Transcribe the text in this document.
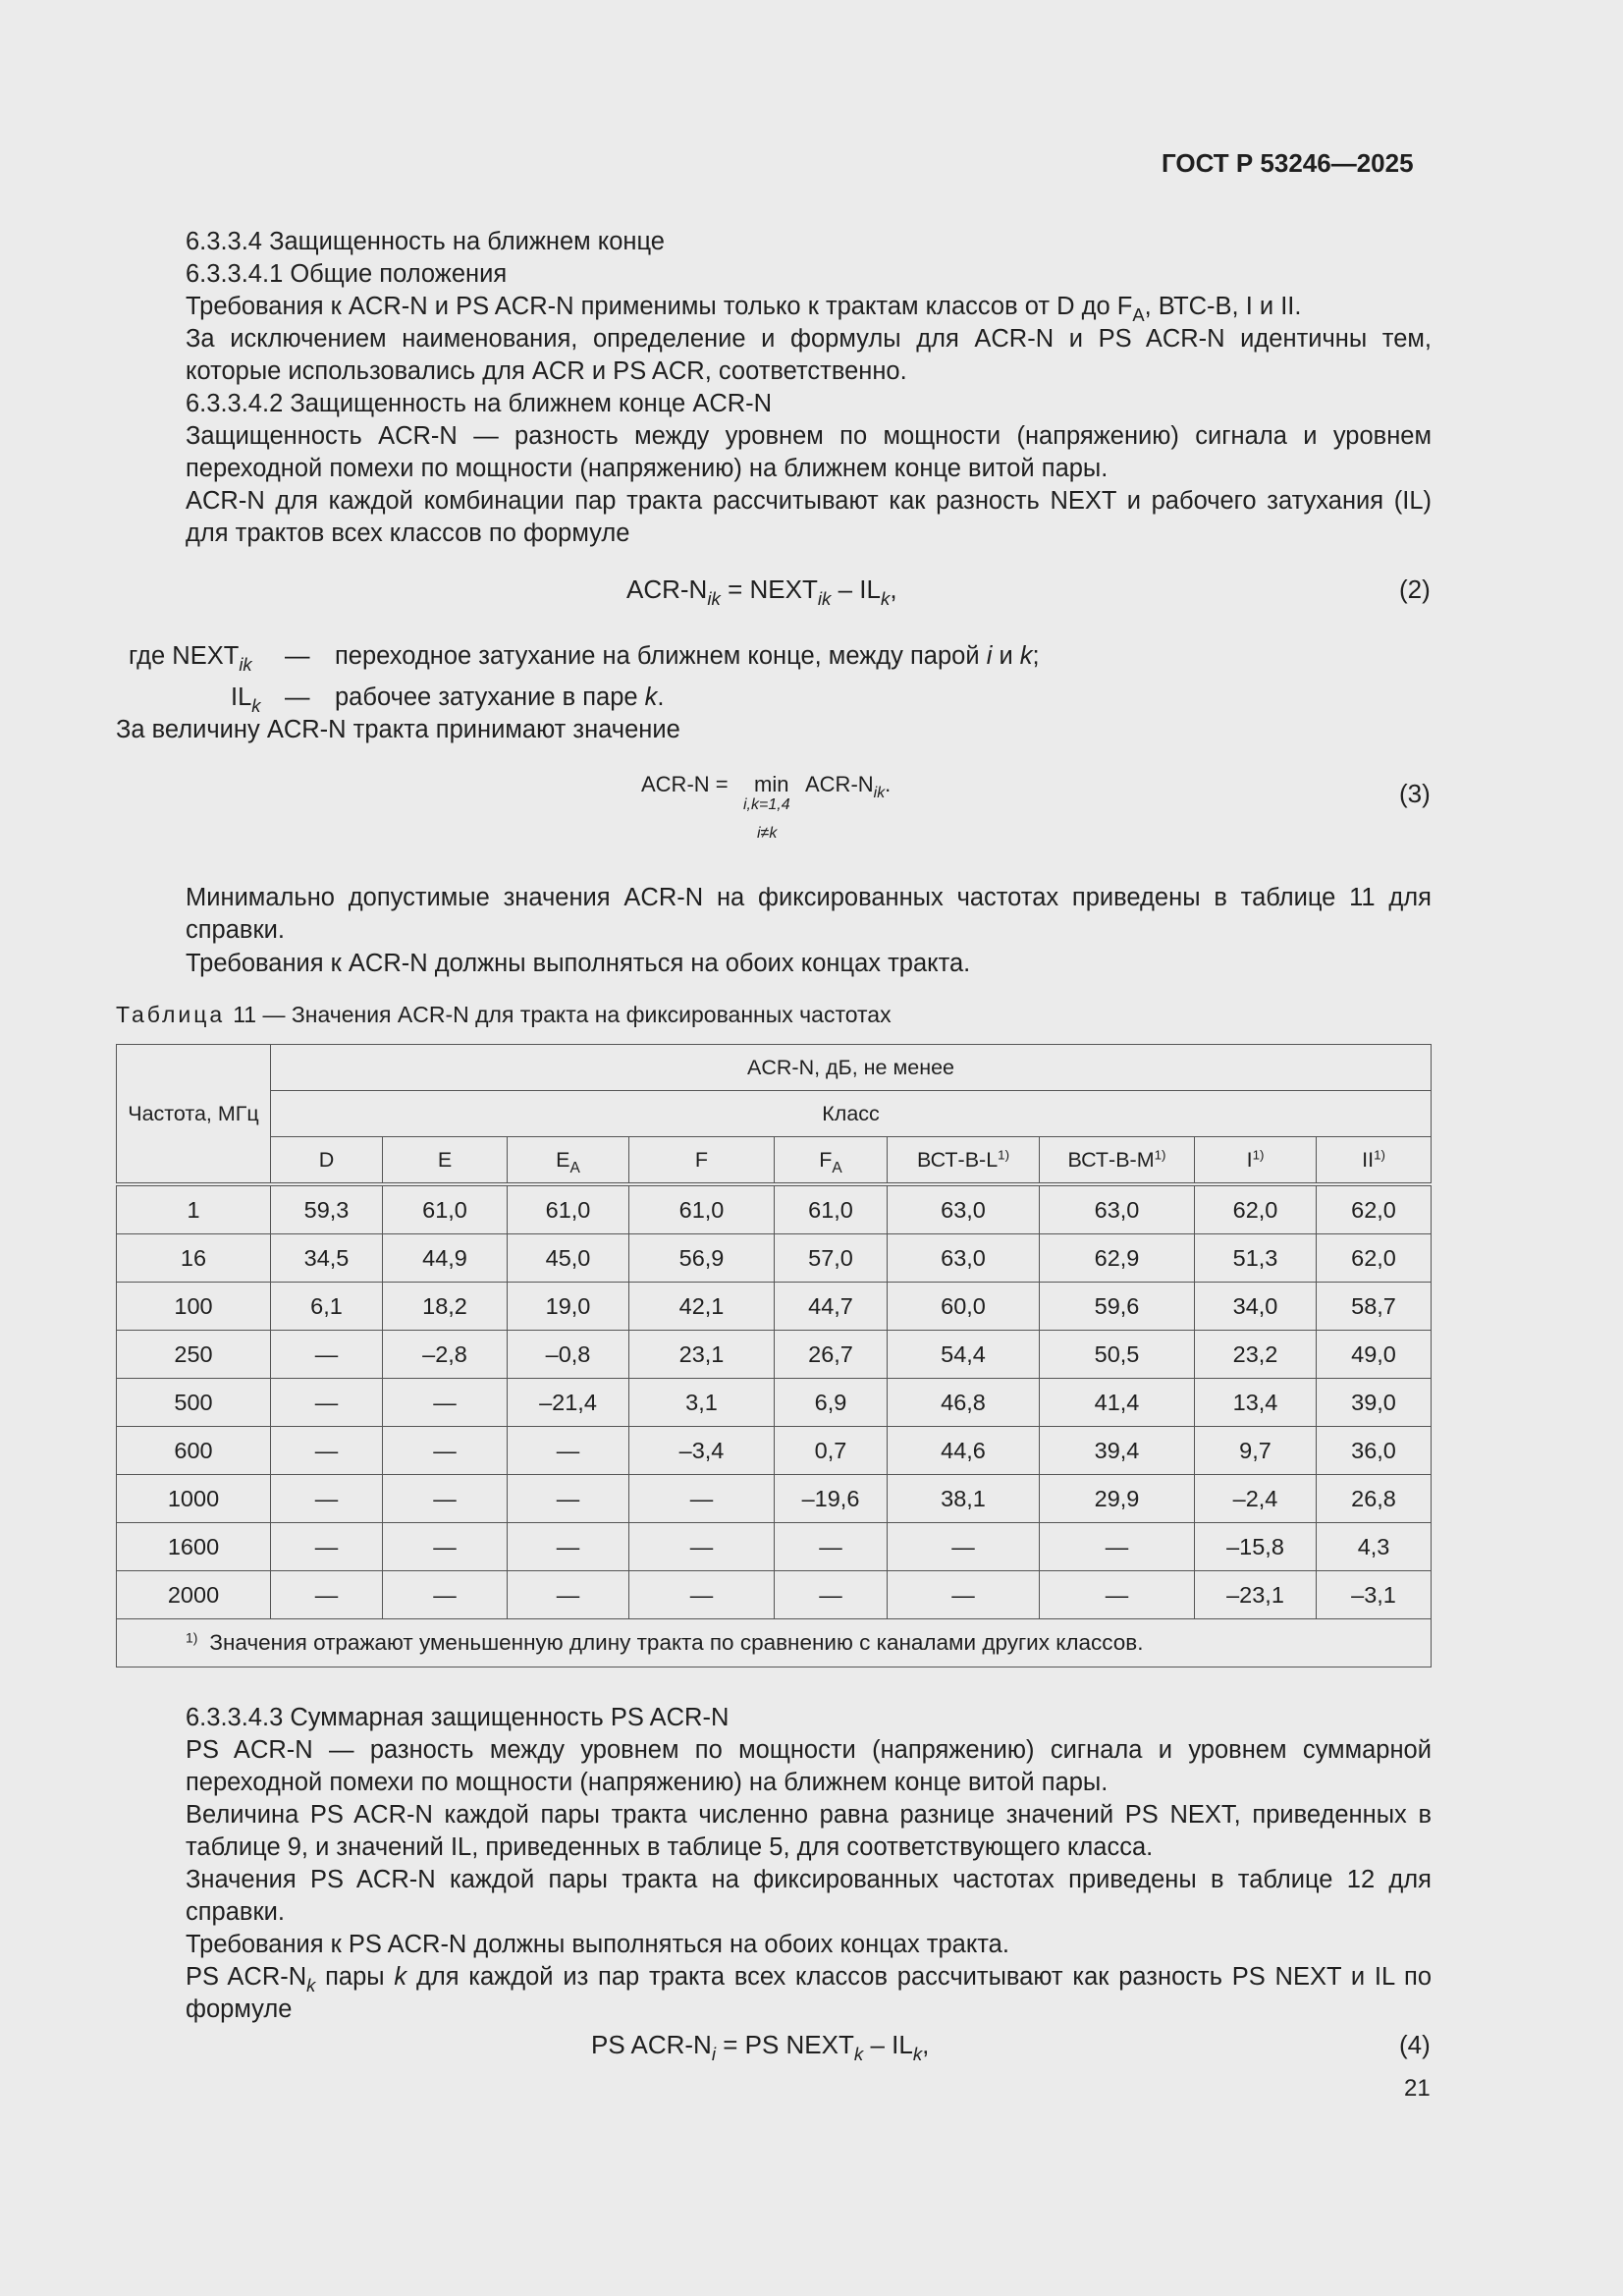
ГОСТ Р 53246—2025
6.3.3.4 Защищенность на ближнем конце
6.3.3.4.1 Общие положения
Требования к ACR-N и PS ACR-N применимы только к трактам классов от D до $F_A$, ВТС-В, I и II.
За исключением наименования, определение и формулы для ACR-N и PS ACR-N идентичны тем, которые использовались для ACR и PS ACR, соответственно.
6.3.3.4.2 Защищенность на ближнем конце ACR-N
Защищенность ACR-N — разность между уровнем по мощности (напряжению) сигнала и уровнем переходной помехи по мощности (напряжению) на ближнем конце витой пары.
ACR-N для каждой комбинации пар тракта рассчитывают как разность NEXT и рабочего затухания (IL) для трактов всех классов по формуле
ACR-$N_{ik}$ = $NEXT_{ik} - IL_k$,	(2)
где $NEXT_{ik}$ — переходное затухание на ближнем конце, между парой i и k;
$IL_k$ — рабочее затухание в паре k.
За величину ACR-N тракта принимают значение
ACR-N = min
i,k=1,4
i≠k
ACR-$N_{ik}$.	(3)
Минимально допустимые значения ACR-N на фиксированных частотах приведены в таблице 11 для справки.
Требования к ACR-N должны выполняться на обоих концах тракта.
Таблица 11 — Значения ACR-N для тракта на фиксированных частотах
Частота, МГц	ACR-N, дБ, не менее								
	Класс								
	D	E	$E_A$	F	$F_A$	ВСТ-$В-L^{1)}$	ВСТ-$В-M^{1)}$	$I^{1)}$	II$^{1)}$
1	59,3	61,0	61,0	61,0	61,0	63,0	63,0	62,0	62,0
16	34,5	44,9	45,0	56,9	57,0	63,0	62,9	51,3	62,0
100	6,1	18,2	19,0	42,1	44,7	60,0	59,6	34,0	58,7
250	—	–2,8	–0,8	23,1	26,7	54,4	50,5	23,2	49,0
500	—	—	–21,4	3,1	6,9	46,8	41,4	13,4	39,0
600	—	—	—	–3,4	0,7	44,6	39,4	9,7	36,0
1000	—	—	—	—	–19,6	38,1	29,9	–2,4	26,8
1600	—	—	—	—	—	—	—	–15,8	4,3
2000	—	—	—	—	—	—	—	–23,1	–3,1
$^{1)}$ Значения отражают уменьшенную длину тракта по сравнению с каналами других классов.									
6.3.3.4.3 Суммарная защищенность PS ACR-N
PS ACR-N — разность между уровнем по мощности (напряжению) сигнала и уровнем суммарной переходной помехи по мощности (напряжению) на ближнем конце витой пары.
Величина PS ACR-N каждой пары тракта численно равна разнице значений PS NEXT, приведенных в таблице 9, и значений IL, приведенных в таблице 5, для соответствующего класса.
Значения PS ACR-N каждой пары тракта на фиксированных частотах приведены в таблице 12 для справки.
Требования к PS ACR-N должны выполняться на обоих концах тракта.
PS ACR-$N_k$ пары k для каждой из пар тракта всех классов рассчитывают как разность PS NEXT и IL по формуле
PS ACR-$N_i$ = PS $NEXT_k - IL_k$,	(4)
21
